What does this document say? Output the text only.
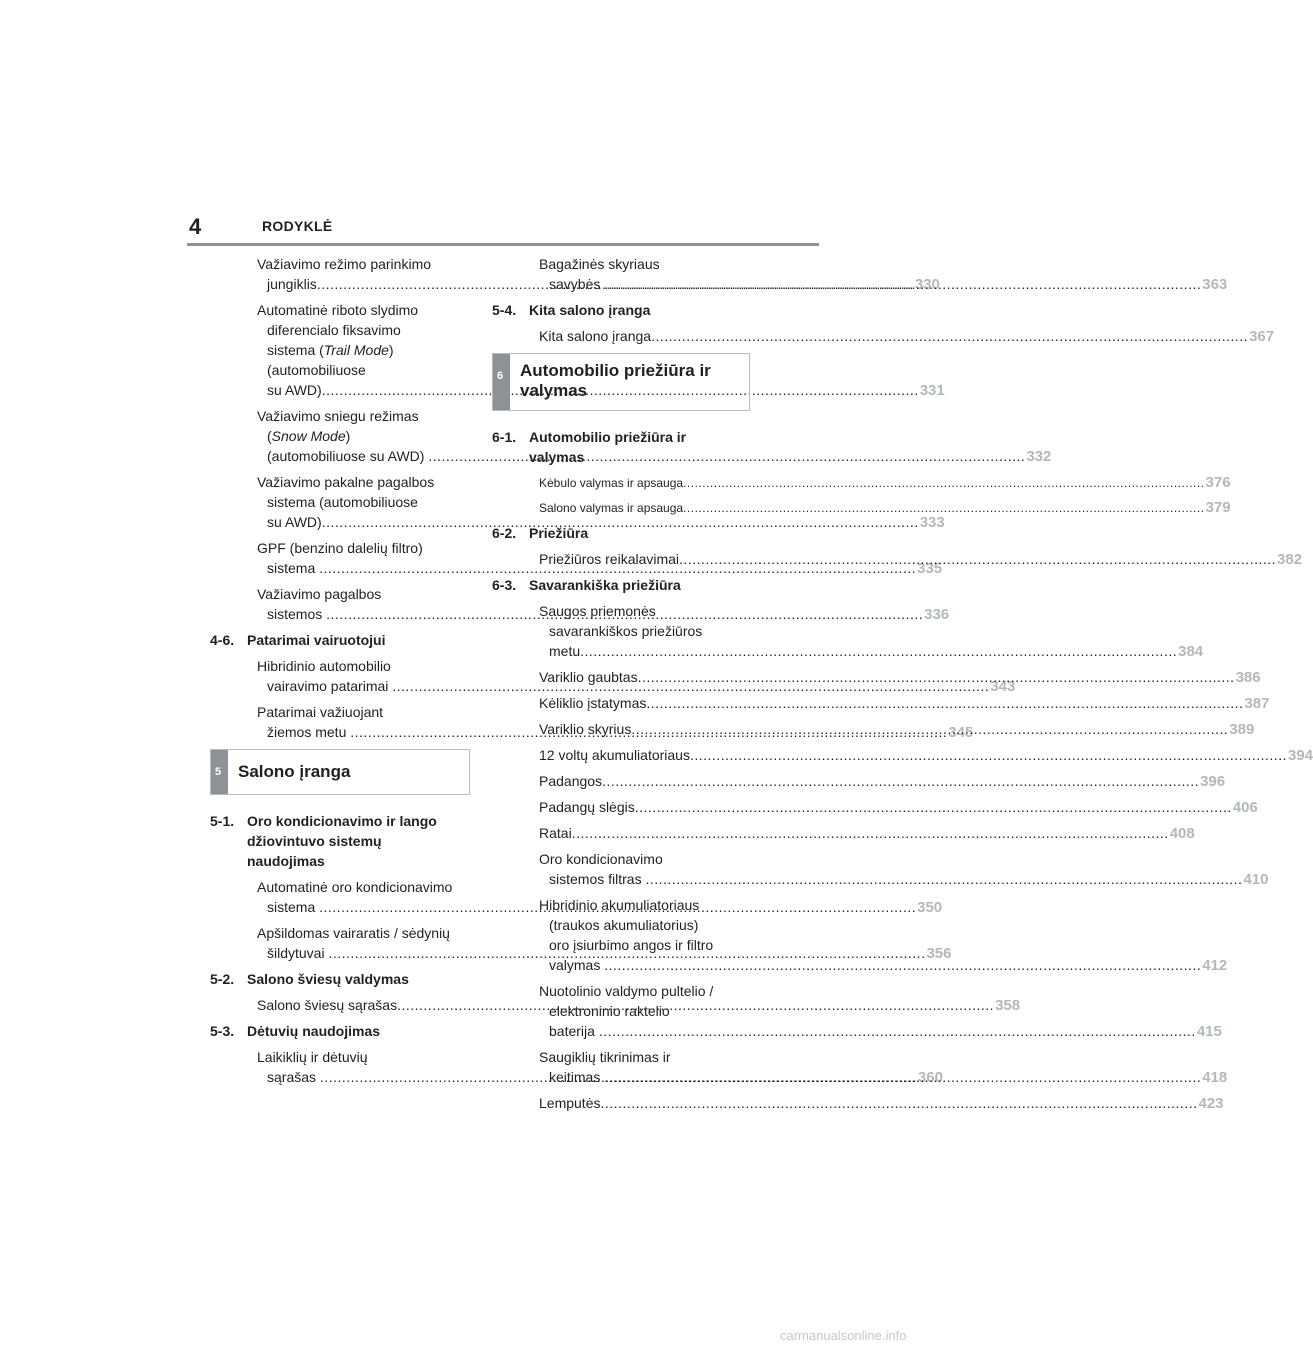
4	RODYKLĖ
Važiavimo režimo parinkimo
jungiklis .....	330
Automatinė riboto slydimo
diferencialo fiksavimo
sistema (Trail Mode)
(automobiliuose
su AWD) .....	331
Važiavimo sniegu režimas
(Snow Mode)
(automobiliuose su AWD) .....	332
Važiavimo pakalne pagalbos
sistema (automobiliuose
su AWD) .....	333
GPF (benzino dalelių filtro)
sistema .....	335
Važiavimo pagalbos
sistemos .....	336
4-6. Patarimai vairuotojui
Hibridinio automobilio
vairavimo patarimai .....	343
Patarimai važiuojant
žiemos metu .....	345
5 Salono įranga
5-1. Oro kondicionavimo ir lango
džiovintuvo sistemų
naudojimas
Automatinė oro kondicionavimo
sistema .....	350
Apšildomas vairaratis / sėdynių
šildytuvai .....	356
5-2. Salono šviesų valdymas
Salono šviesų sąrašas .....	358
5-3. Dėtuvių naudojimas
Laikiklių ir dėtuvių
sąrašas .....	360
Bagažinės skyriaus
savybės .....	363
5-4. Kita salono įranga
Kita salono įranga .....	367
6 Automobilio priežiūra ir valymas
6-1. Automobilio priežiūra ir
valymas
Kėbulo valymas ir apsauga .....	376
Salono valymas ir apsauga .....	379
6-2. Priežiūra
Priežiūros reikalavimai .....	382
6-3. Savarankiška priežiūra
Saugos priemonės
savarankiškos priežiūros
metu .....	384
Variklio gaubtas .....	386
Kėliklio įstatymas .....	387
Variklio skyrius .....	389
12 voltų akumuliatoriaus .....	394
Padangos .....	396
Padangų slėgis .....	406
Ratai .....	408
Oro kondicionavimo
sistemos filtras .....	410
Hibridinio akumuliatoriaus
(traukos akumuliatorius)
oro įsiurbimo angos ir filtro
valymas .....	412
Nuotolinio valdymo pultelio /
elektroninio raktelio
baterija .....	415
Saugiklių tikrinimas ir
keitimas .....	418
Lemputės .....	423
carmanualsonline.info
